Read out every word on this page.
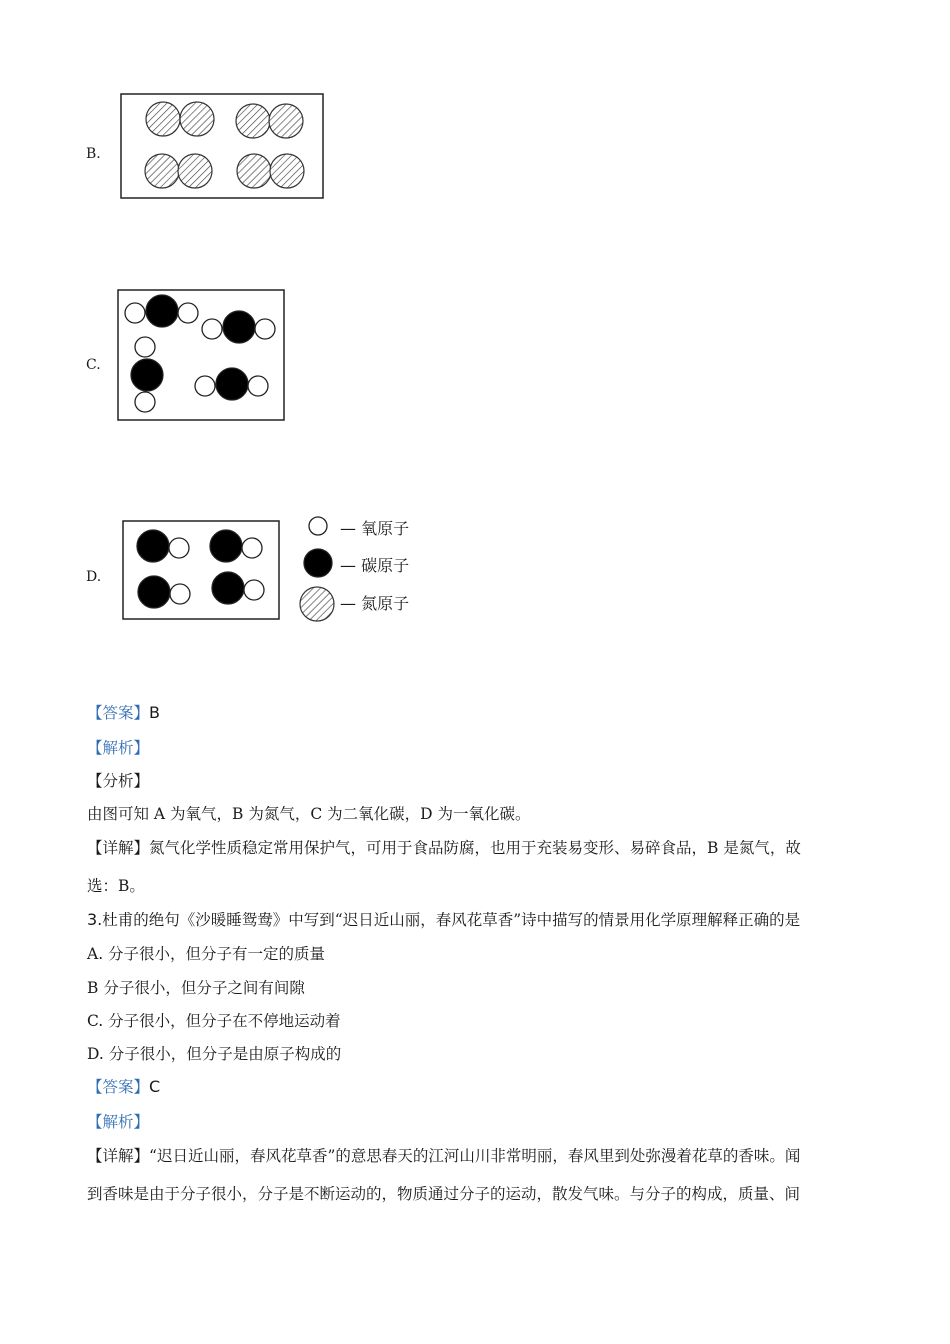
B.
C.
D.
— 氧原子
— 碳原子
— 氮原子
【答案】B
【解析】
【分析】
由图可知 A 为氧气，B 为氮气，C 为二氧化碳，D 为一氧化碳。
【详解】氮气化学性质稳定常用保护气，可用于食品防腐，也用于充装易变形、易碎食品，B 是氮气，故
选：B。
3.杜甫的绝句《沙暖睡鸳鸯》中写到“迟日近山丽，春风花草香”诗中描写的情景用化学原理解释正确的是
A. 分子很小，但分子有一定的质量
B 分子很小，但分子之间有间隙
C. 分子很小，但分子在不停地运动着
D. 分子很小，但分子是由原子构成的
【答案】C
【解析】
【详解】“迟日近山丽，春风花草香”的意思春天的江河山川非常明丽，春风里到处弥漫着花草的香味。闻
到香味是由于分子很小，分子是不断运动的，物质通过分子的运动，散发气味。与分子的构成，质量、间
